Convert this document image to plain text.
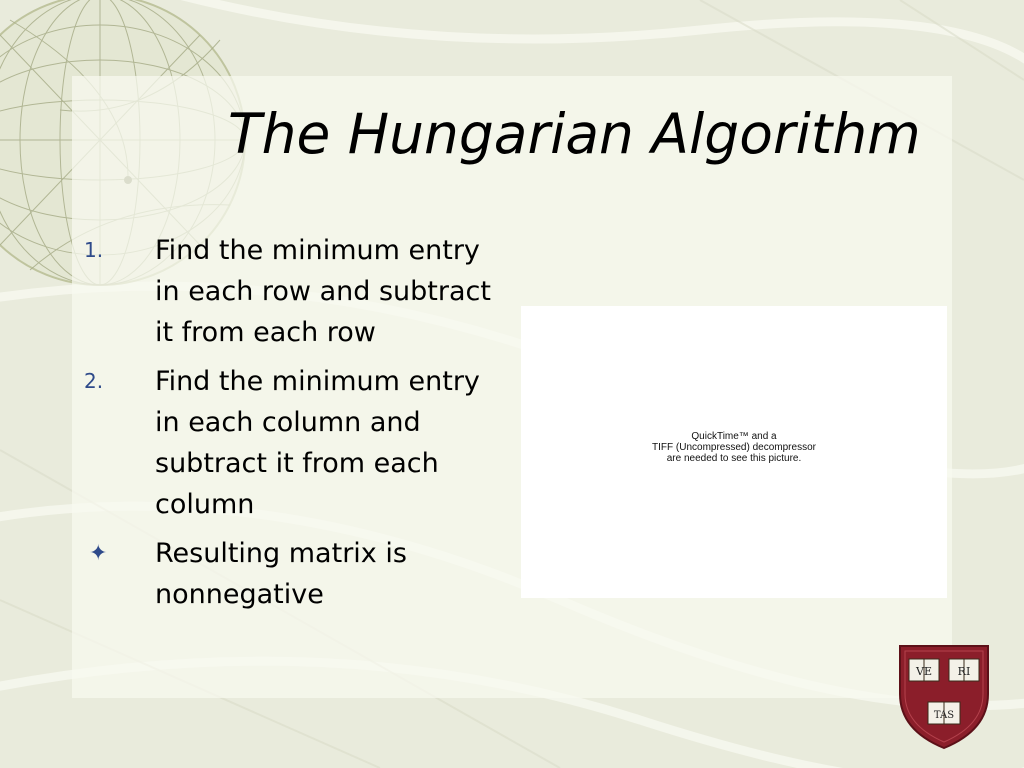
The Hungarian Algorithm
1.	Find the minimum entry in each row and subtract it from each row
2.	Find the minimum entry in each column and subtract it from each column
✦	Resulting matrix is nonnegative
QuickTime™ and a
TIFF (Uncompressed) decompressor
are needed to see this picture.
VE RI
TAS
